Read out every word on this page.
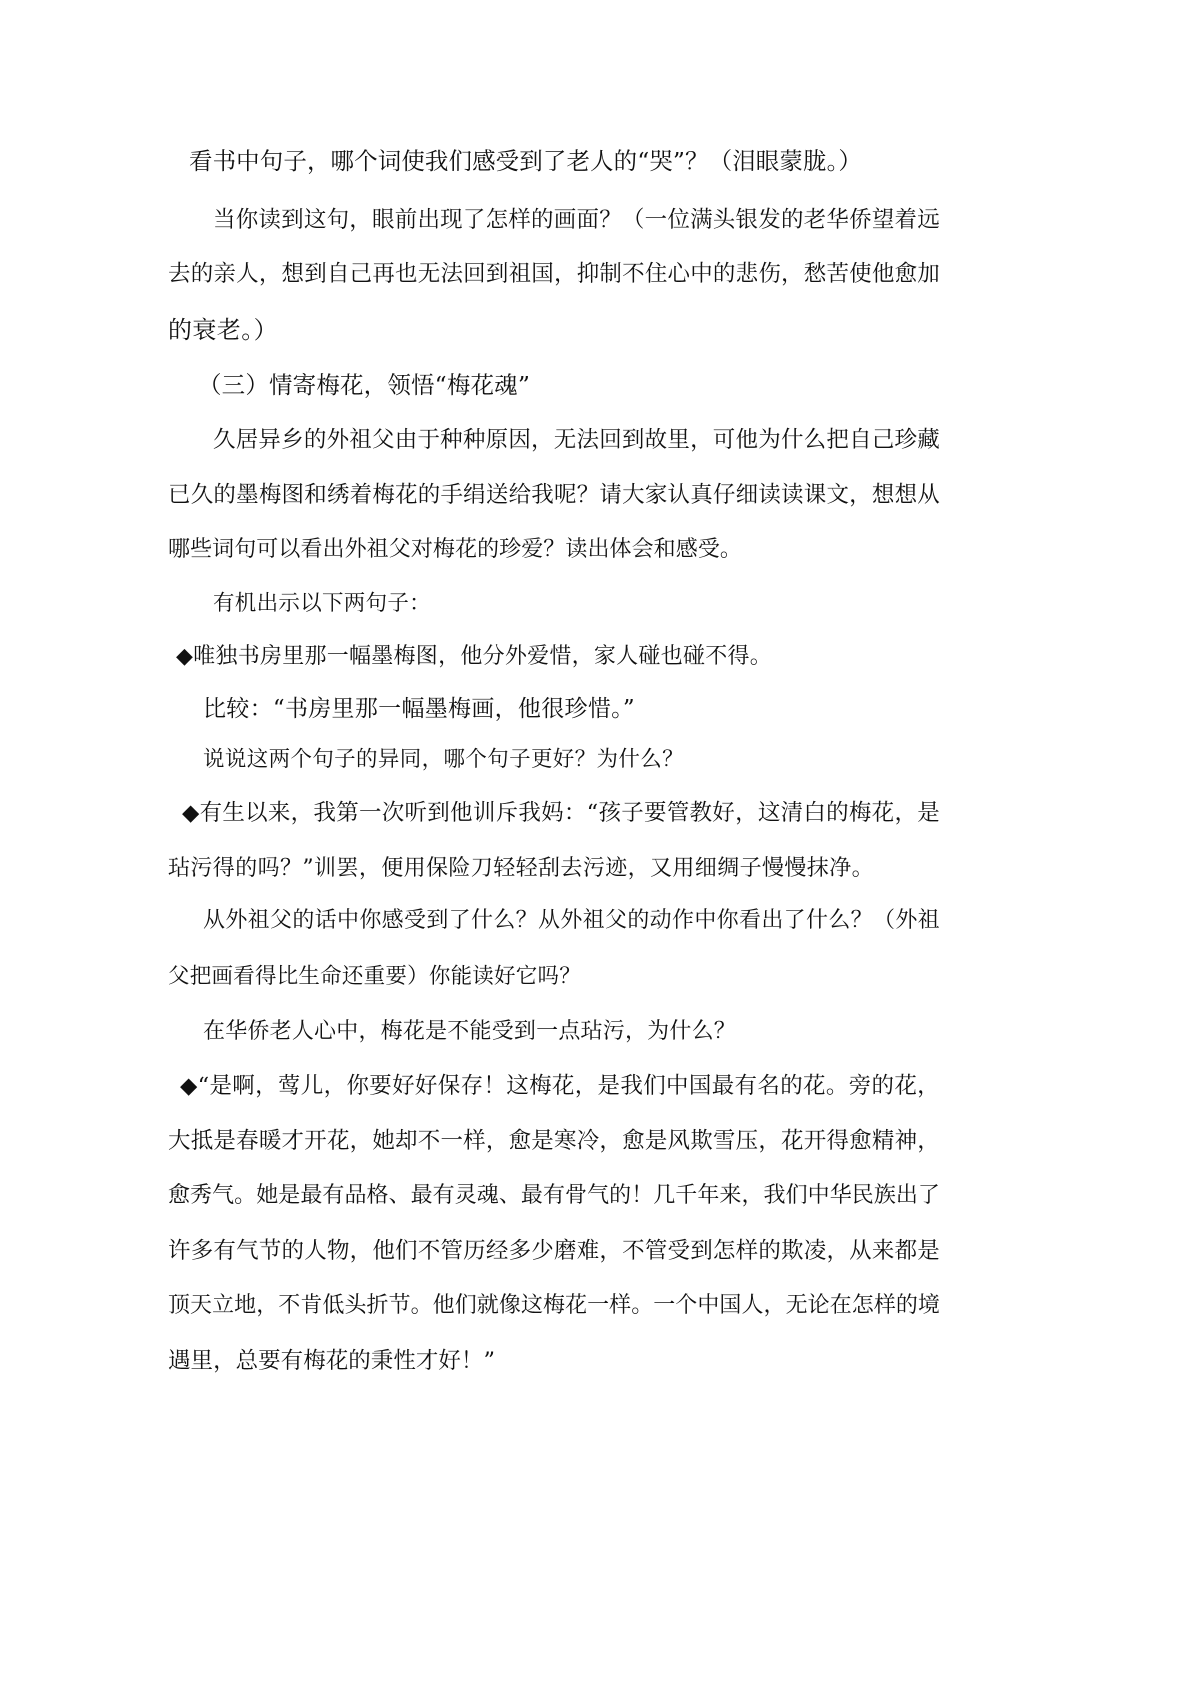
看书中句子，哪个词使我们感受到了老人的“哭”？（泪眼蒙胧。）
当你读到这句，眼前出现了怎样的画面？（一位满头银发的老华侨望着远
去的亲人，想到自己再也无法回到祖国，抑制不住心中的悲伤，愁苦使他愈加
的衰老。）
（三）情寄梅花，领悟“梅花魂”
久居异乡的外祖父由于种种原因，无法回到故里，可他为什么把自己珍藏
已久的墨梅图和绣着梅花的手绢送给我呢？请大家认真仔细读读课文，想想从
哪些词句可以看出外祖父对梅花的珍爱？读出体会和感受。
有机出示以下两句子：
◆唯独书房里那一幅墨梅图，他分外爱惜，家人碰也碰不得。
比较：“书房里那一幅墨梅画，他很珍惜。”
说说这两个句子的异同，哪个句子更好？为什么？
◆有生以来，我第一次听到他训斥我妈：“孩子要管教好，这清白的梅花，是
玷污得的吗？”训罢，便用保险刀轻轻刮去污迹，又用细绸子慢慢抹净。
从外祖父的话中你感受到了什么？从外祖父的动作中你看出了什么？（外祖
父把画看得比生命还重要）你能读好它吗？
在华侨老人心中，梅花是不能受到一点玷污，为什么？
◆“是啊，莺儿，你要好好保存！这梅花，是我们中国最有名的花。旁的花，
大抵是春暖才开花，她却不一样，愈是寒冷，愈是风欺雪压，花开得愈精神，
愈秀气。她是最有品格、最有灵魂、最有骨气的！几千年来，我们中华民族出了
许多有气节的人物，他们不管历经多少磨难，不管受到怎样的欺凌，从来都是
顶天立地，不肯低头折节。他们就像这梅花一样。一个中国人，无论在怎样的境
遇里，总要有梅花的秉性才好！”
